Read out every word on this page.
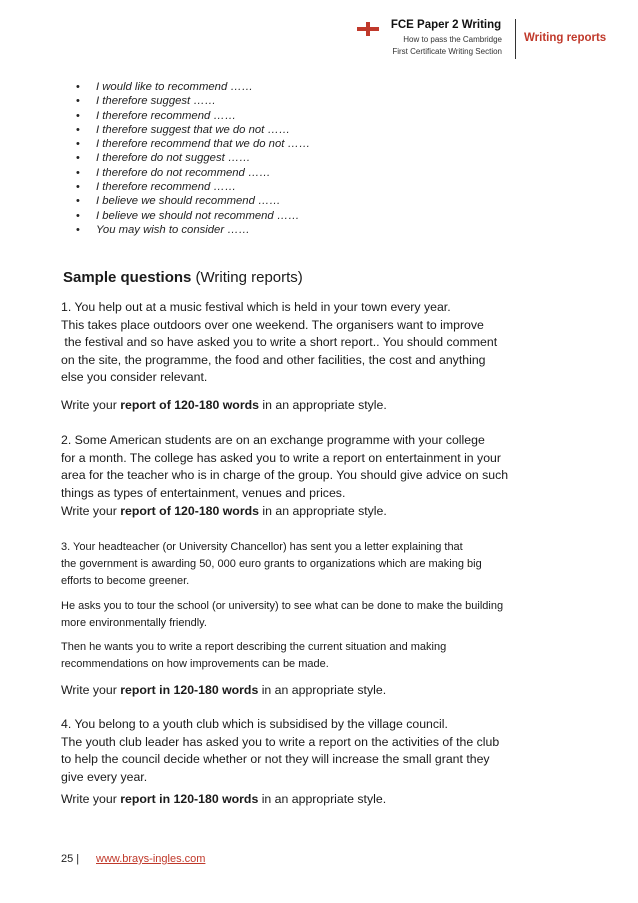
FCE Paper 2 Writing
How to pass the Cambridge
First Certificate Writing Section
Writing reports
• I would like to recommend ……
• I therefore suggest ……
• I therefore recommend ……
• I therefore suggest that we do not ……
• I therefore recommend that we do not ……
• I therefore do not suggest ……
• I therefore do not recommend ……
• I therefore recommend ……
• I believe we should recommend ……
• I believe we should not recommend ……
• You may wish to consider ……
Sample questions (Writing reports)
1. You help out at a music festival which is held in your town every year.
This takes place outdoors over one weekend. The organisers want to improve
the festival and so have asked you to write a short report.. You should comment
on the site, the programme, the food and other facilities, the cost and anything
else you consider relevant.
Write your report of 120-180 words in an appropriate style.
2. Some American students are on an exchange programme with your college
for a month. The college has asked you to write a report on entertainment in your
area for the teacher who is in charge of the group. You should give advice on such
things as types of entertainment, venues and prices.
Write your report of 120-180 words in an appropriate style.
3. Your headteacher (or University Chancellor) has sent you a letter explaining that
the government is awarding 50, 000 euro grants to organizations which are making big
efforts to become greener.
He asks you to tour the school (or university) to see what can be done to make the building
more environmentally friendly.
Then he wants you to write a report describing the current situation and making
recommendations on how improvements can be made.
Write your report in 120-180 words in an appropriate style.
4. You belong to a youth club which is subsidised by the village council.
The youth club leader has asked you to write a report on the activities of the club
to help the council decide whether or not they will increase the small grant they
give every year.
Write your report in 120-180 words in an appropriate style.
25 | www.brays-ingles.com
